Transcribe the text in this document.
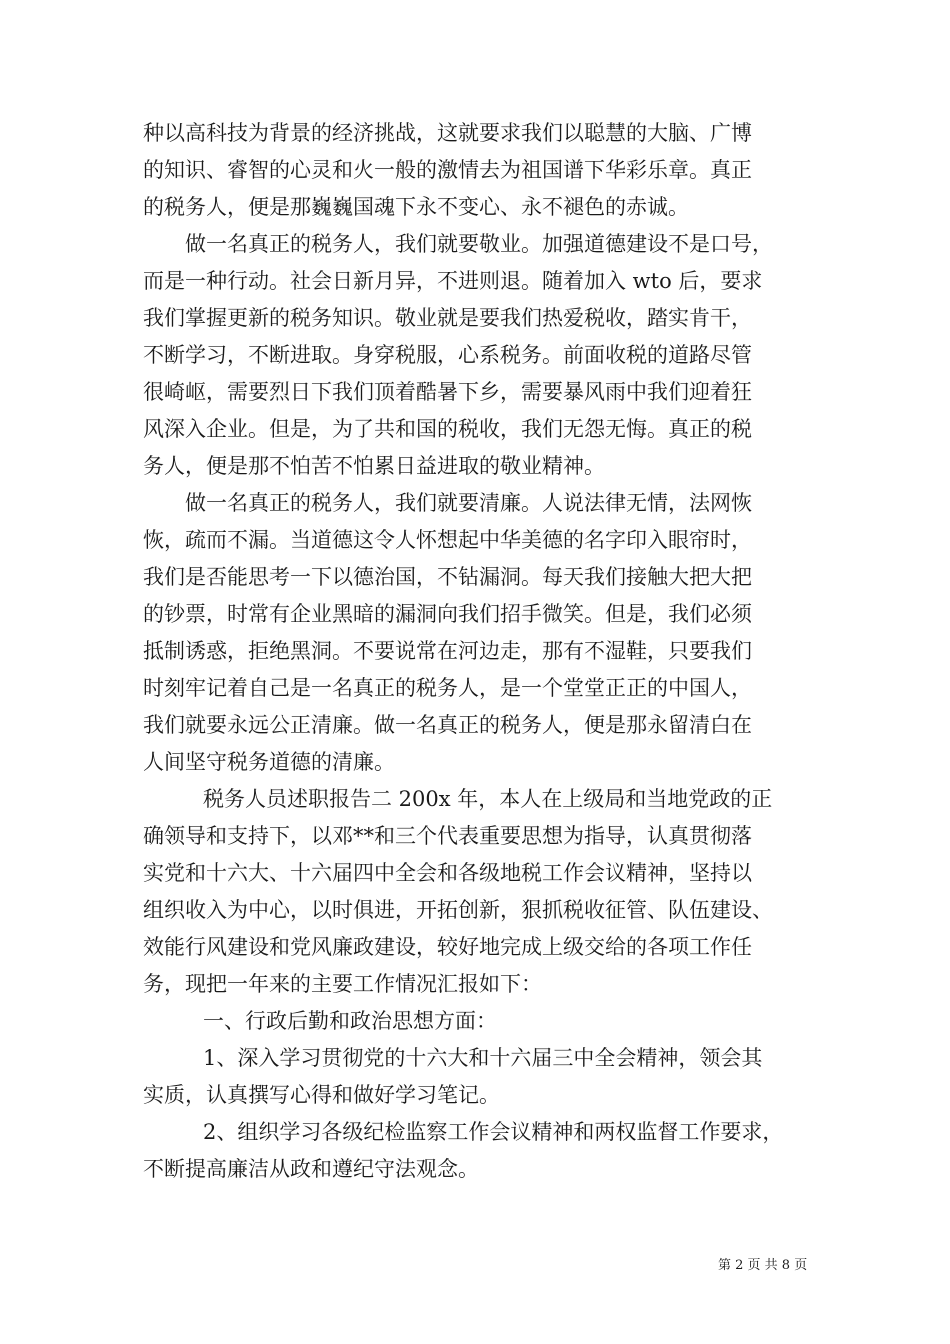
种以高科技为背景的经济挑战，这就要求我们以聪慧的大脑、广博
的知识、睿智的心灵和火一般的激情去为祖国谱下华彩乐章。真正
的税务人，便是那巍巍国魂下永不变心、永不褪色的赤诚。
做一名真正的税务人，我们就要敬业。加强道德建设不是口号，
而是一种行动。社会日新月异，不进则退。随着加入 wto 后，要求
我们掌握更新的税务知识。敬业就是要我们热爱税收，踏实肯干，
不断学习，不断进取。身穿税服，心系税务。前面收税的道路尽管
很崎岖，需要烈日下我们顶着酷暑下乡，需要暴风雨中我们迎着狂
风深入企业。但是，为了共和国的税收，我们无怨无悔。真正的税
务人，便是那不怕苦不怕累日益进取的敬业精神。
做一名真正的税务人，我们就要清廉。人说法律无情，法网恢
恢，疏而不漏。当道德这令人怀想起中华美德的名字印入眼帘时，
我们是否能思考一下以德治国，不钻漏洞。每天我们接触大把大把
的钞票，时常有企业黑暗的漏洞向我们招手微笑。但是，我们必须
抵制诱惑，拒绝黑洞。不要说常在河边走，那有不湿鞋，只要我们
时刻牢记着自己是一名真正的税务人，是一个堂堂正正的中国人，
我们就要永远公正清廉。做一名真正的税务人，便是那永留清白在
人间坚守税务道德的清廉。
税务人员述职报告二 200x 年，本人在上级局和当地党政的正
确领导和支持下，以邓**和三个代表重要思想为指导，认真贯彻落
实党和十六大、十六届四中全会和各级地税工作会议精神，坚持以
组织收入为中心，以时俱进，开拓创新，狠抓税收征管、队伍建设、
效能行风建设和党风廉政建设，较好地完成上级交给的各项工作任
务，现把一年来的主要工作情况汇报如下：
一、行政后勤和政治思想方面：
1、深入学习贯彻党的十六大和十六届三中全会精神，领会其
实质，认真撰写心得和做好学习笔记。
2、组织学习各级纪检监察工作会议精神和两权监督工作要求，
不断提高廉洁从政和遵纪守法观念。
第 2 页 共 8 页
